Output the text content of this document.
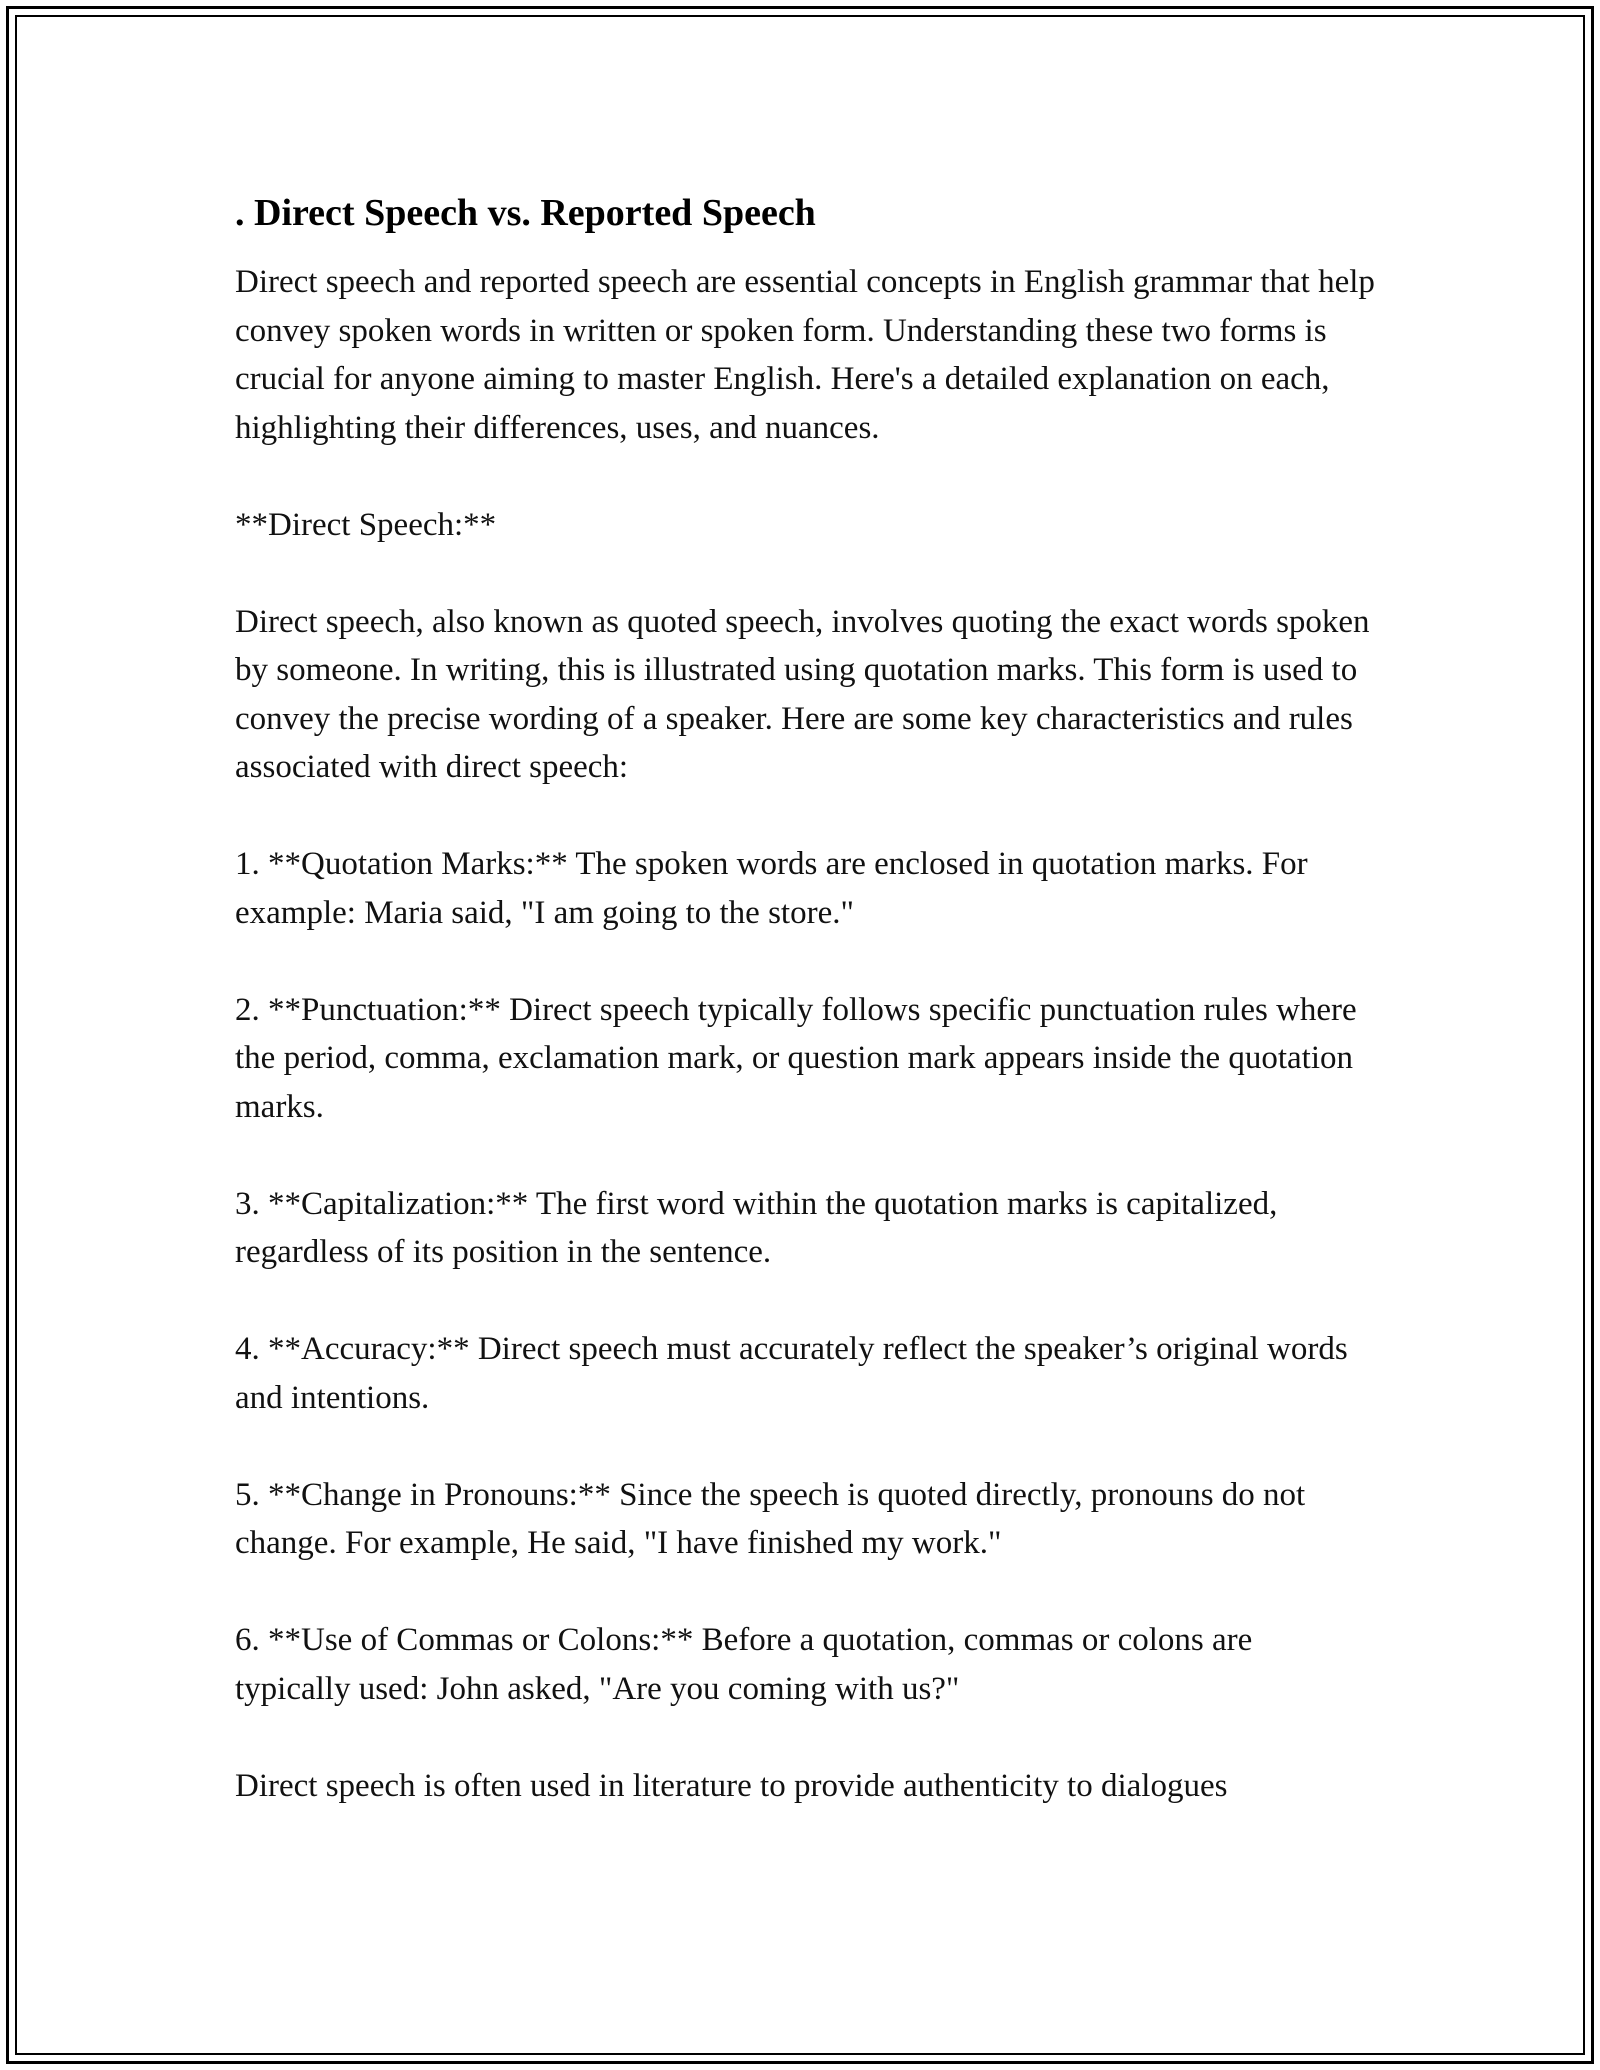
. Direct Speech vs. Reported Speech

Direct speech and reported speech are essential concepts in English grammar that help convey spoken words in written or spoken form. Understanding these two forms is crucial for anyone aiming to master English. Here's a detailed explanation on each, highlighting their differences, uses, and nuances.

**Direct Speech:**

Direct speech, also known as quoted speech, involves quoting the exact words spoken by someone. In writing, this is illustrated using quotation marks. This form is used to convey the precise wording of a speaker. Here are some key characteristics and rules associated with direct speech:

1. **Quotation Marks:** The spoken words are enclosed in quotation marks. For example: Maria said, "I am going to the store."

2. **Punctuation:** Direct speech typically follows specific punctuation rules where the period, comma, exclamation mark, or question mark appears inside the quotation marks.

3. **Capitalization:** The first word within the quotation marks is capitalized, regardless of its position in the sentence.

4. **Accuracy:** Direct speech must accurately reflect the speaker’s original words and intentions.

5. **Change in Pronouns:** Since the speech is quoted directly, pronouns do not change. For example, He said, "I have finished my work."

6. **Use of Commas or Colons:** Before a quotation, commas or colons are typically used: John asked, "Are you coming with us?"

Direct speech is often used in literature to provide authenticity to dialogues
